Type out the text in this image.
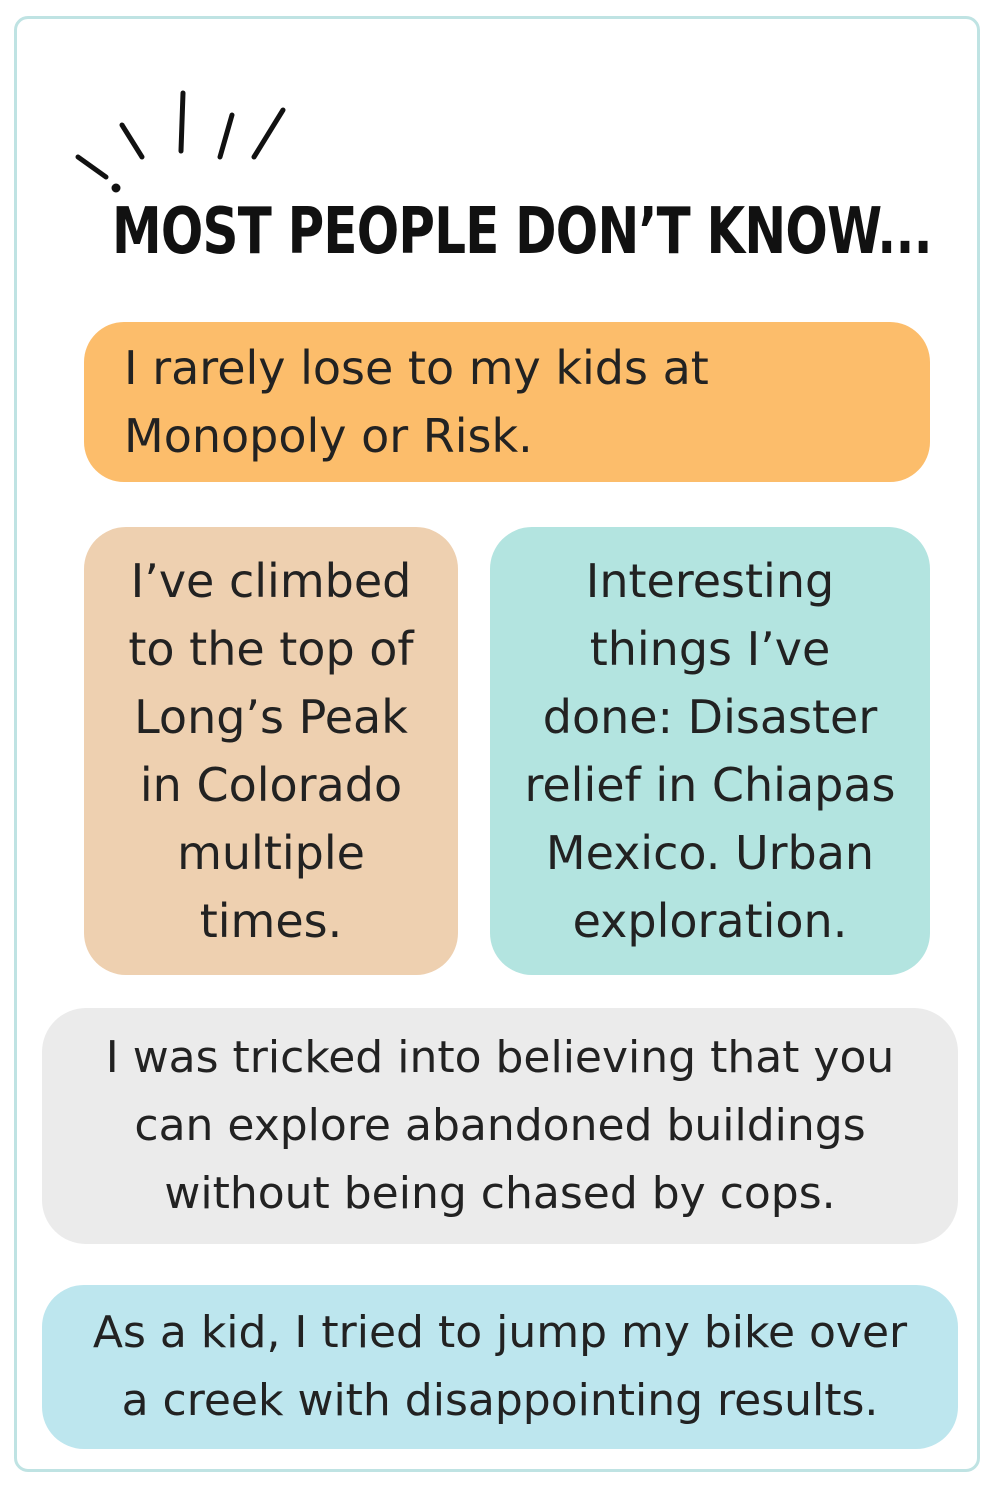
MOST PEOPLE DON’T KNOW...
I rarely lose to my kids at
Monopoly or Risk.
I’ve climbed
to the top of
Long’s Peak
in Colorado
multiple
times.
Interesting
things I’ve
done: Disaster
relief in Chiapas
Mexico. Urban
exploration.
I was tricked into believing that you
can explore abandoned buildings
without being chased by cops.
As a kid, I tried to jump my bike over
a creek with disappointing results.
